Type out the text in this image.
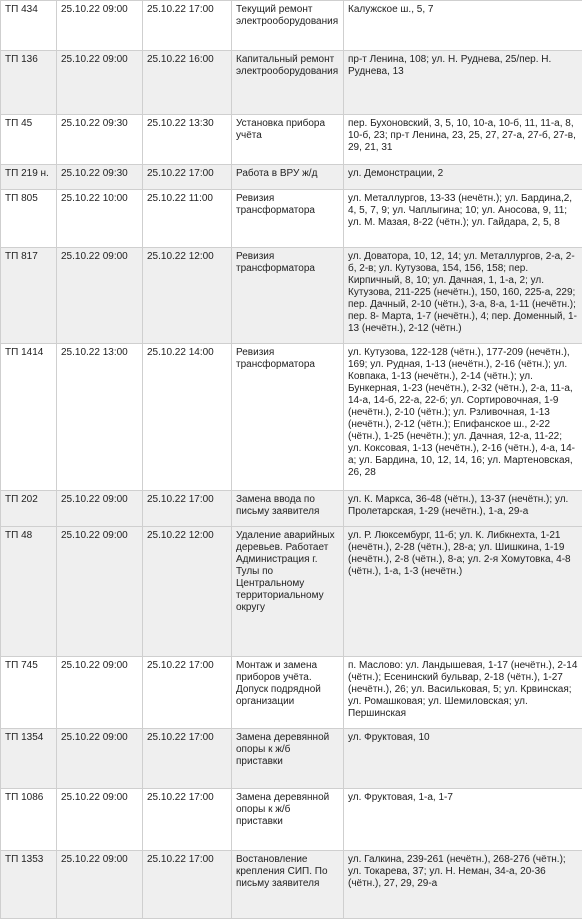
ТП 434	25.10.22 09:00	25.10.22 17:00	Текущий ремонт электрооборудования	Калужское ш., 5, 7
ТП 136	25.10.22 09:00	25.10.22 16:00	Капитальный ремонт электрооборудования	пр-т Ленина, 108; ул. Н. Руднева, 25/пер. Н. Руднева, 13
ТП 45	25.10.22 09:30	25.10.22 13:30	Установка прибора учёта	пер. Бухоновский, 3, 5, 10, 10-а, 10-б, 11, 11-а, 8, 10-б, 23; пр-т Ленина, 23, 25, 27, 27-а, 27-б, 27-в, 29, 21, 31
ТП 219 н.	25.10.22 09:30	25.10.22 17:00	Работа в ВРУ ж/д	ул. Демонстрации, 2
ТП 805	25.10.22 10:00	25.10.22 11:00	Ревизия трансформатора	ул. Металлургов, 13-33 (нечётн.); ул. Бардина,2, 4, 5, 7, 9; ул. Чаплыгина; 10; ул. Аносова, 9, 11; ул. М. Мазая, 8-22 (чётн.); ул. Гайдара, 2, 5, 8
ТП 817	25.10.22 09:00	25.10.22 12:00	Ревизия трансформатора	ул. Доватора, 10, 12, 14; ул. Металлургов, 2-а, 2-б, 2-в; ул. Кутузова, 154, 156, 158; пер. Кирпичный, 8, 10; ул. Дачная, 1, 1-а, 2; ул. Кутузова, 211-225 (нечётн.), 150, 160, 225-а, 229; пер. Дачный, 2-10 (чётн.), 3-а, 8-а, 1-11 (нечётн.); пер. 8- Марта, 1-7 (нечётн.), 4; пер. Доменный, 1-13 (нечётн.), 2-12 (чётн.)
ТП 1414	25.10.22 13:00	25.10.22 14:00	Ревизия трансформатора	ул. Кутузова, 122-128 (чётн.), 177-209 (нечётн.), 169; ул. Рудная, 1-13 (нечётн.), 2-16 (чётн.); ул. Ковпака, 1-13 (нечётн.), 2-14 (чётн.); ул. Бункерная, 1-23 (нечётн.), 2-32 (чётн.), 2-а, 11-а, 14-а, 14-б, 22-а, 22-б; ул. Сортировочная, 1-9 (нечётн.), 2-10 (чётн.); ул. Рзливочная, 1-13 (нечётн.), 2-12 (чётн.); Епифанское ш., 2-22 (чётн.), 1-25 (нечётн.); ул. Дачная, 12-а, 11-22; ул. Коксовая, 1-13 (нечётн.), 2-16 (чётн.), 4-а, 14-а; ул. Бардина, 10, 12, 14, 16; ул. Мартеновская, 26, 28
ТП 202	25.10.22 09:00	25.10.22 17:00	Замена ввода по письму заявителя	ул. К. Маркса, 36-48 (чётн.), 13-37 (нечётн.); ул. Пролетарская, 1-29 (нечётн.), 1-а, 29-а
ТП 48	25.10.22 09:00	25.10.22 12:00	Удаление аварийных деревьев. Работает Администрация г. Тулы по Центральному территориальному округу	ул. Р. Люксембург, 11-б; ул. К. Либкнехта, 1-21 (нечётн.), 2-28 (чётн.), 28-а; ул. Шишкина, 1-19 (нечётн.), 2-8 (чётн.), 8-а; ул. 2-я Хомутовка, 4-8 (чётн.), 1-а, 1-3 (нечётн.)
ТП 745	25.10.22 09:00	25.10.22 17:00	Монтаж и замена приборов учёта. Допуск подрядной организации	п. Маслово: ул. Ландышевая, 1-17 (нечётн.), 2-14 (чётн.); Есенинский бульвар, 2-18 (чётн.), 1-27 (нечётн.), 26; ул. Васильковая, 5; ул. Крвинская; ул. Ромашковая; ул. Шемиловская; ул. Першинская
ТП 1354	25.10.22 09:00	25.10.22 17:00	Замена деревянной опоры к ж/б приставки	ул. Фруктовая, 10
ТП 1086	25.10.22 09:00	25.10.22 17:00	Замена деревянной опоры к ж/б приставки	ул. Фруктовая, 1-а, 1-7
ТП 1353	25.10.22 09:00	25.10.22 17:00	Востановление крепления СИП. По письму заявителя	ул. Галкина, 239-261 (нечётн.), 268-276 (чётн.); ул. Токарева, 37; ул. Н. Неман, 34-а, 20-36 (чётн.), 27, 29, 29-а
